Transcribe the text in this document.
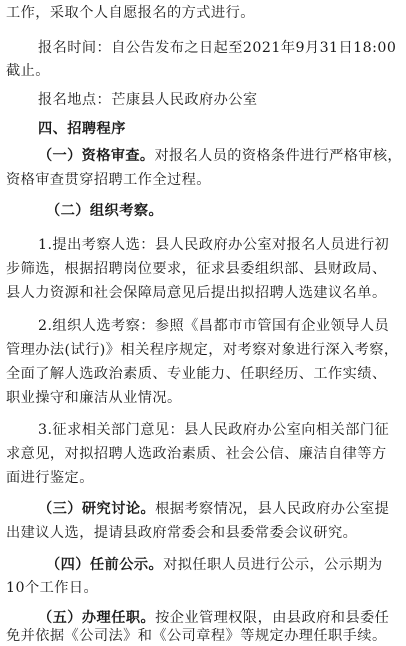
工作，采取个人自愿报名的方式进行。
报名时间：自公告发布之日起至2021年9月31日18:00
截止。
报名地点：芒康县人民政府办公室
四、招聘程序
（一）资格审查。对报名人员的资格条件进行严格审核，
资格审查贯穿招聘工作全过程。
（二）组织考察。
1.提出考察人选：县人民政府办公室对报名人员进行初
步筛选，根据招聘岗位要求，征求县委组织部、县财政局、
县人力资源和社会保障局意见后提出拟招聘人选建议名单。
2.组织人选考察：参照《昌都市市管国有企业领导人员
管理办法(试行)》相关程序规定，对考察对象进行深入考察，
全面了解人选政治素质、专业能力、任职经历、工作实绩、
职业操守和廉洁从业情况。
3.征求相关部门意见：县人民政府办公室向相关部门征
求意见，对拟招聘人选政治素质、社会公信、廉洁自律等方
面进行鉴定。
（三）研究讨论。根据考察情况，县人民政府办公室提
出建议人选，提请县政府常委会和县委常委会议研究。
（四）任前公示。对拟任职人员进行公示，公示期为
10个工作日。
（五）办理任职。按企业管理权限，由县政府和县委任
免并依据《公司法》和《公司章程》等规定办理任职手续。
